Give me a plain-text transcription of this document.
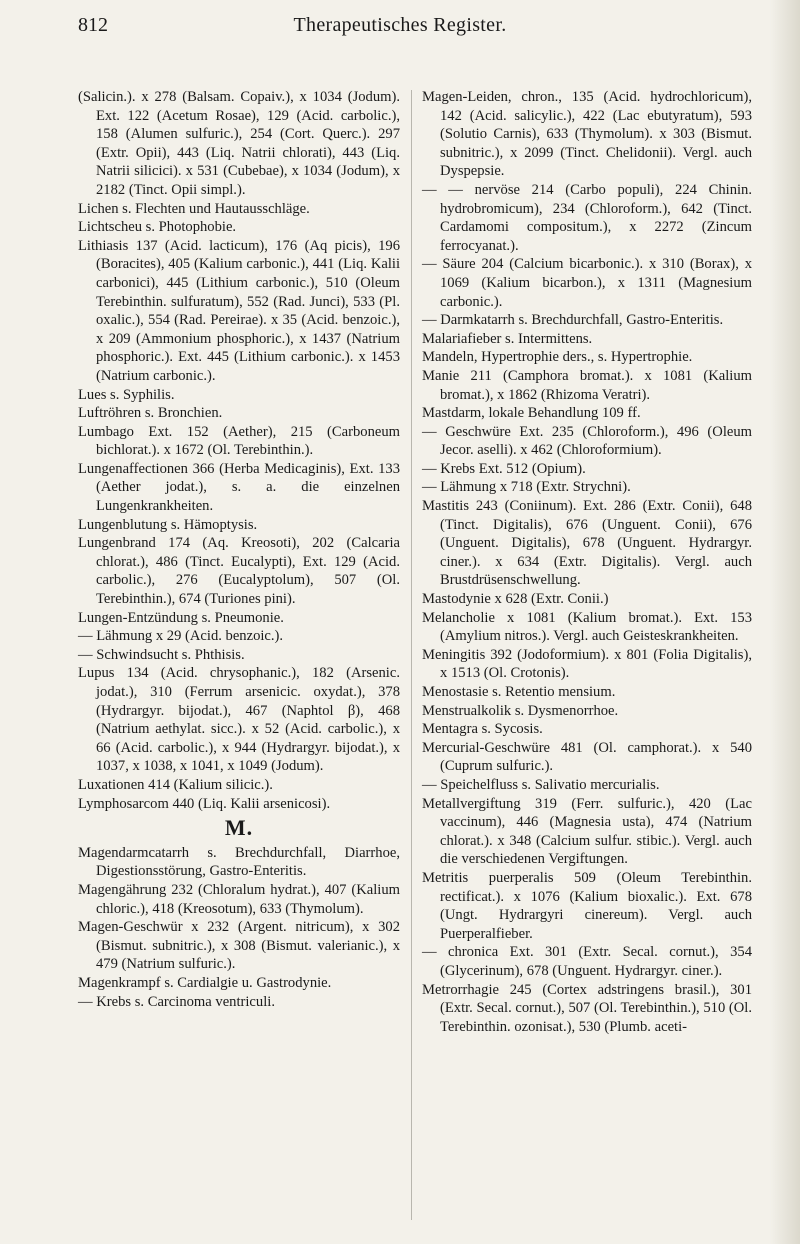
812	Therapeutisches Register.

(Salicin.). x 278 (Balsam. Copaiv.), x 1034 (Jodum). Ext. 122 (Acetum Rosae), 129 (Acid. carbolic.), 158 (Alumen sulfuric.), 254 (Cort. Querc.). 297 (Extr. Opii), 443 (Liq. Natrii chlorati), 443 (Liq. Natrii silicici). x 531 (Cubebae), x 1034 (Jodum), x 2182 (Tinct. Opii simpl.).

Lichen s. Flechten und Hautausschläge.

Lichtscheu s. Photophobie.

Lithiasis 137 (Acid. lacticum), 176 (Aq picis), 196 (Boracites), 405 (Kalium carbonic.), 441 (Liq. Kalii carbonici), 445 (Lithium carbonic.), 510 (Oleum Terebinthin. sulfuratum), 552 (Rad. Junci), 533 (Pl. oxalic.), 554 (Rad. Pereirae). x 35 (Acid. benzoic.), x 209 (Ammonium phosphoric.), x 1437 (Natrium phosphoric.). Ext. 445 (Lithium carbonic.). x 1453 (Natrium carbonic.).

Lues s. Syphilis.

Luftröhren s. Bronchien.

Lumbago Ext. 152 (Aether), 215 (Carboneum bichlorat.). x 1672 (Ol. Terebinthin.).

Lungenaffectionen 366 (Herba Medicaginis), Ext. 133 (Aether jodat.), s. a. die einzelnen Lungenkrankheiten.

Lungenblutung s. Hämoptysis.

Lungenbrand 174 (Aq. Kreosoti), 202 (Calcaria chlorat.), 486 (Tinct. Eucalypti), Ext. 129 (Acid. carbolic.), 276 (Eucalyptolum), 507 (Ol. Terebinthin.), 674 (Turiones pini).

Lungen-Entzündung s. Pneumonie.

— Lähmung x 29 (Acid. benzoic.).

— Schwindsucht s. Phthisis.

Lupus 134 (Acid. chrysophanic.), 182 (Arsenic. jodat.), 310 (Ferrum arsenicic. oxydat.), 378 (Hydrargyr. bijodat.), 467 (Naphtol β), 468 (Natrium aethylat. sicc.). x 52 (Acid. carbolic.), x 66 (Acid. carbolic.), x 944 (Hydrargyr. bijodat.), x 1037, x 1038, x 1041, x 1049 (Jodum).

Luxationen 414 (Kalium silicic.).

Lymphosarcom 440 (Liq. Kalii arsenicosi).

M.

Magendarmcatarrh s. Brechdurchfall, Diarrhoe, Digestionsstörung, Gastro-Enteritis.

Magengährung 232 (Chloralum hydrat.), 407 (Kalium chloric.), 418 (Kreosotum), 633 (Thymolum).

Magen-Geschwür x 232 (Argent. nitricum), x 302 (Bismut. subnitric.), x 308 (Bismut. valerianic.), x 479 (Natrium sulfuric.).

Magenkrampf s. Cardialgie u. Gastrodynie.

— Krebs s. Carcinoma ventriculi.

Magen-Leiden, chron., 135 (Acid. hydrochloricum), 142 (Acid. salicylic.), 422 (Lac ebutyratum), 593 (Solutio Carnis), 633 (Thymolum). x 303 (Bismut. subnitric.), x 2099 (Tinct. Chelidonii). Vergl. auch Dyspepsie.

— — nervöse 214 (Carbo populi), 224 Chinin. hydrobromicum), 234 (Chloroform.), 642 (Tinct. Cardamomi compositum.), x 2272 (Zincum ferrocyanat.).

— Säure 204 (Calcium bicarbonic.). x 310 (Borax), x 1069 (Kalium bicarbon.), x 1311 (Magnesium carbonic.).

— Darmkatarrh s. Brechdurchfall, Gastro-Enteritis.

Malariafieber s. Intermittens.

Mandeln, Hypertrophie ders., s. Hypertrophie.

Manie 211 (Camphora bromat.). x 1081 (Kalium bromat.), x 1862 (Rhizoma Veratri).

Mastdarm, lokale Behandlung 109 ff.

— Geschwüre Ext. 235 (Chloroform.), 496 (Oleum Jecor. aselli). x 462 (Chloroformium).

— Krebs Ext. 512 (Opium).

— Lähmung x 718 (Extr. Strychni).

Mastitis 243 (Coniinum). Ext. 286 (Extr. Conii), 648 (Tinct. Digitalis), 676 (Unguent. Conii), 676 (Unguent. Digitalis), 678 (Unguent. Hydrargyr. ciner.). x 634 (Extr. Digitalis). Vergl. auch Brustdrüsenschwellung.

Mastodynie x 628 (Extr. Conii.)

Melancholie x 1081 (Kalium bromat.). Ext. 153 (Amylium nitros.). Vergl. auch Geisteskrankheiten.

Meningitis 392 (Jodoformium). x 801 (Folia Digitalis), x 1513 (Ol. Crotonis).

Menostasie s. Retentio mensium.

Menstrualkolik s. Dysmenorrhoe.

Mentagra s. Sycosis.

Mercurial-Geschwüre 481 (Ol. camphorat.). x 540 (Cuprum sulfuric.).

— Speichelfluss s. Salivatio mercurialis.

Metallvergiftung 319 (Ferr. sulfuric.), 420 (Lac vaccinum), 446 (Magnesia usta), 474 (Natrium chlorat.). x 348 (Calcium sulfur. stibic.). Vergl. auch die verschiedenen Vergiftungen.

Metritis puerperalis 509 (Oleum Terebinthin. rectificat.). x 1076 (Kalium bioxalic.). Ext. 678 (Ungt. Hydrargyri cinereum). Vergl. auch Puerperalfieber.

— chronica Ext. 301 (Extr. Secal. cornut.), 354 (Glycerinum), 678 (Unguent. Hydrargyr. ciner.).

Metrorrhagie 245 (Cortex adstringens brasil.), 301 (Extr. Secal. cornut.), 507 (Ol. Terebinthin.), 510 (Ol. Terebinthin. ozonisat.), 530 (Plumb. aceti-
